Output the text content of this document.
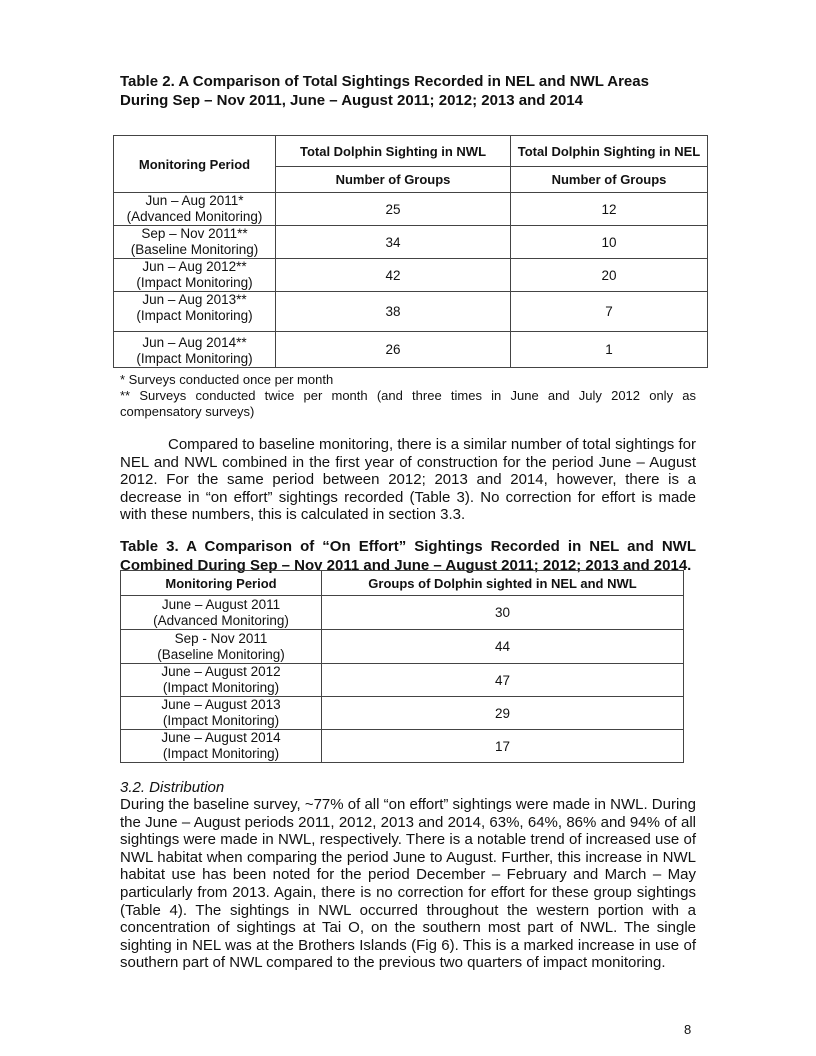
Table 2. A Comparison of Total Sightings Recorded in NEL and NWL Areas
During Sep – Nov 2011, June – August 2011; 2012; 2013 and 2014

Monitoring Period	Total Dolphin Sighting in NWL	Total Dolphin Sighting in NEL
	Number of Groups	Number of Groups
Jun – Aug 2011*
(Advanced Monitoring)	25	12
Sep – Nov 2011**
(Baseline Monitoring)	34	10
Jun – Aug 2012**
(Impact Monitoring)	42	20
Jun – Aug 2013**
(Impact Monitoring)	38	7
Jun – Aug 2014**
(Impact Monitoring)	26	1

* Surveys conducted once per month

** Surveys conducted twice per month (and three times in June and July 2012 only as compensatory surveys)

Compared to baseline monitoring, there is a similar number of total sightings for NEL and NWL combined in the first year of construction for the period June – August 2012. For the same period between 2012; 2013 and 2014, however, there is a decrease in “on effort” sightings recorded (Table 3). No correction for effort is made with these numbers, this is calculated in section 3.3.

Table 3. A Comparison of “On Effort” Sightings Recorded in NEL and NWL
Combined During Sep – Nov 2011 and June – August 2011; 2012; 2013 and 2014.

Monitoring Period	Groups of Dolphin sighted in NEL and NWL
June – August 2011
(Advanced Monitoring)	30
Sep - Nov 2011
(Baseline Monitoring)	44
June – August 2012
(Impact Monitoring)	47
June – August 2013
(Impact Monitoring)	29
June – August 2014
(Impact Monitoring)	17

3.2. Distribution

During the baseline survey, ~77% of all “on effort” sightings were made in NWL. During the June – August periods 2011, 2012, 2013 and 2014, 63%, 64%, 86% and 94% of all sightings were made in NWL, respectively. There is a notable trend of increased use of NWL habitat when comparing the period June to August. Further, this increase in NWL habitat use has been noted for the period December – February and March – May particularly from 2013. Again, there is no correction for effort for these group sightings (Table 4). The sightings in NWL occurred throughout the western portion with a concentration of sightings at Tai O, on the southern most part of NWL. The single sighting in NEL was at the Brothers Islands (Fig 6). This is a marked increase in use of southern part of NWL compared to the previous two quarters of impact monitoring.

8
